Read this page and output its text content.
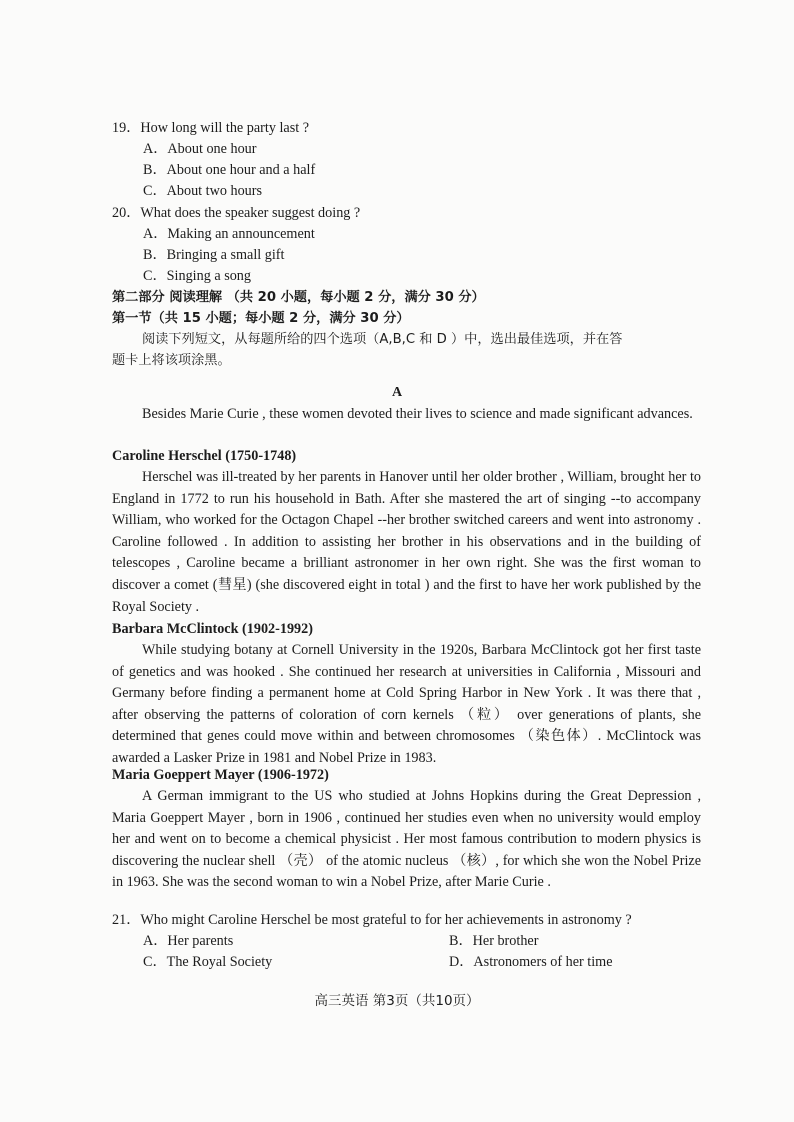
19．How long will the party last ?
A．About one hour
B．About one hour and a half
C．About two hours
20．What does the speaker suggest doing ?
A．Making an announcement
B．Bringing a small gift
C．Singing a song
第二部分 阅读理解 （共 20 小题，每小题 2 分，满分 30 分）
第一节（共 15 小题；每小题 2 分，满分 30 分）
阅读下列短文，从每题所给的四个选项（A,B,C 和 D ）中，选出最佳选项，并在答
题卡上将该项涂黑。
A
Besides Marie Curie , these women devoted their lives to science and made significant advances.
Caroline Herschel (1750-1748)
Herschel was ill-treated by her parents in Hanover until her older brother , William, brought her to England in 1772 to run his household in Bath. After she mastered the art of singing --to accompany William, who worked for the Octagon Chapel --her brother switched careers and went into astronomy . Caroline followed . In addition to assisting her brother in his observations and in the building of telescopes , Caroline became a brilliant astronomer in her own right. She was the first woman to discover a comet (彗星) (she discovered eight in total ) and the first to have her work published by the Royal Society .
Barbara McClintock (1902-1992)
While studying botany at Cornell University in the 1920s, Barbara McClintock got her first taste of genetics and was hooked . She continued her research at universities in California , Missouri and Germany before finding a permanent home at Cold Spring Harbor in New York . It was there that , after observing the patterns of coloration of corn kernels （粒） over generations of plants, she determined that genes could move within and between chromosomes （染色体）. McClintock was awarded a Lasker Prize in 1981 and Nobel Prize in 1983.
Maria Goeppert Mayer (1906-1972)
A German immigrant to the US who studied at Johns Hopkins during the Great Depression , Maria Goeppert Mayer , born in 1906 , continued her studies even when no university would employ her and went on to become a chemical physicist . Her most famous contribution to modern physics is discovering the nuclear shell （壳） of the atomic nucleus （核）, for which she won the Nobel Prize in 1963. She was the second woman to win a Nobel Prize, after Marie Curie .
21．Who might Caroline Herschel be most grateful to for her achievements in astronomy ?
A．Her parents	B．Her brother
C．The Royal Society	D．Astronomers of her time
高三英语 第3页（共10页）
